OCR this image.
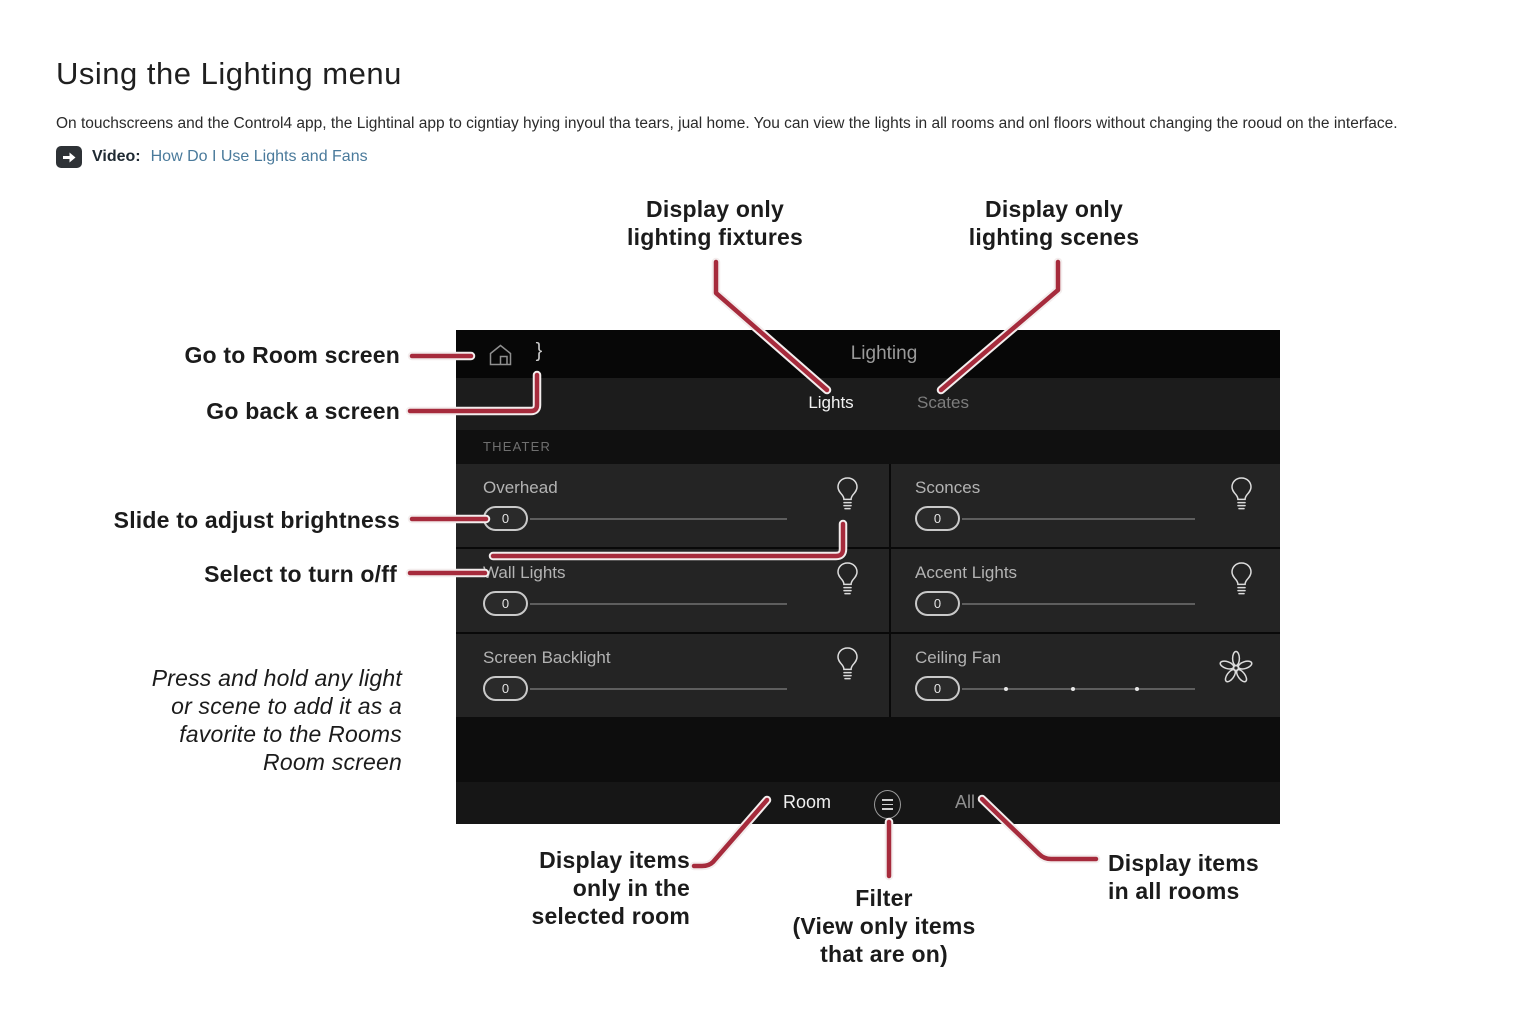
Using the Lighting menu

On touchscreens and the Control4 app, the Lightinal app to cigntiay hying inyoul tha tears, jual home. You can view the lights in all rooms and onl floors without changing the rooud on the interface.

Video: How Do I Use Lights and Fans
}	Lighting
Lights	Scates
THEATER
Overhead
0
Sconces
0
Wall Lights
0
Accent Lights
0
Screen Backlight
0
Ceiling Fan
0
Room	All
Go to Room screen
Go back a screen
Display only
lighting fixtures
Display only
lighting scenes
Slide to adjust brightness
Select to turn o/ff
Press and hold any light
or scene to add it as a
favorite to the Rooms
Room screen
Display items
only in the
selected room
Filter
(View only items
that are on)
Display items
in all rooms
